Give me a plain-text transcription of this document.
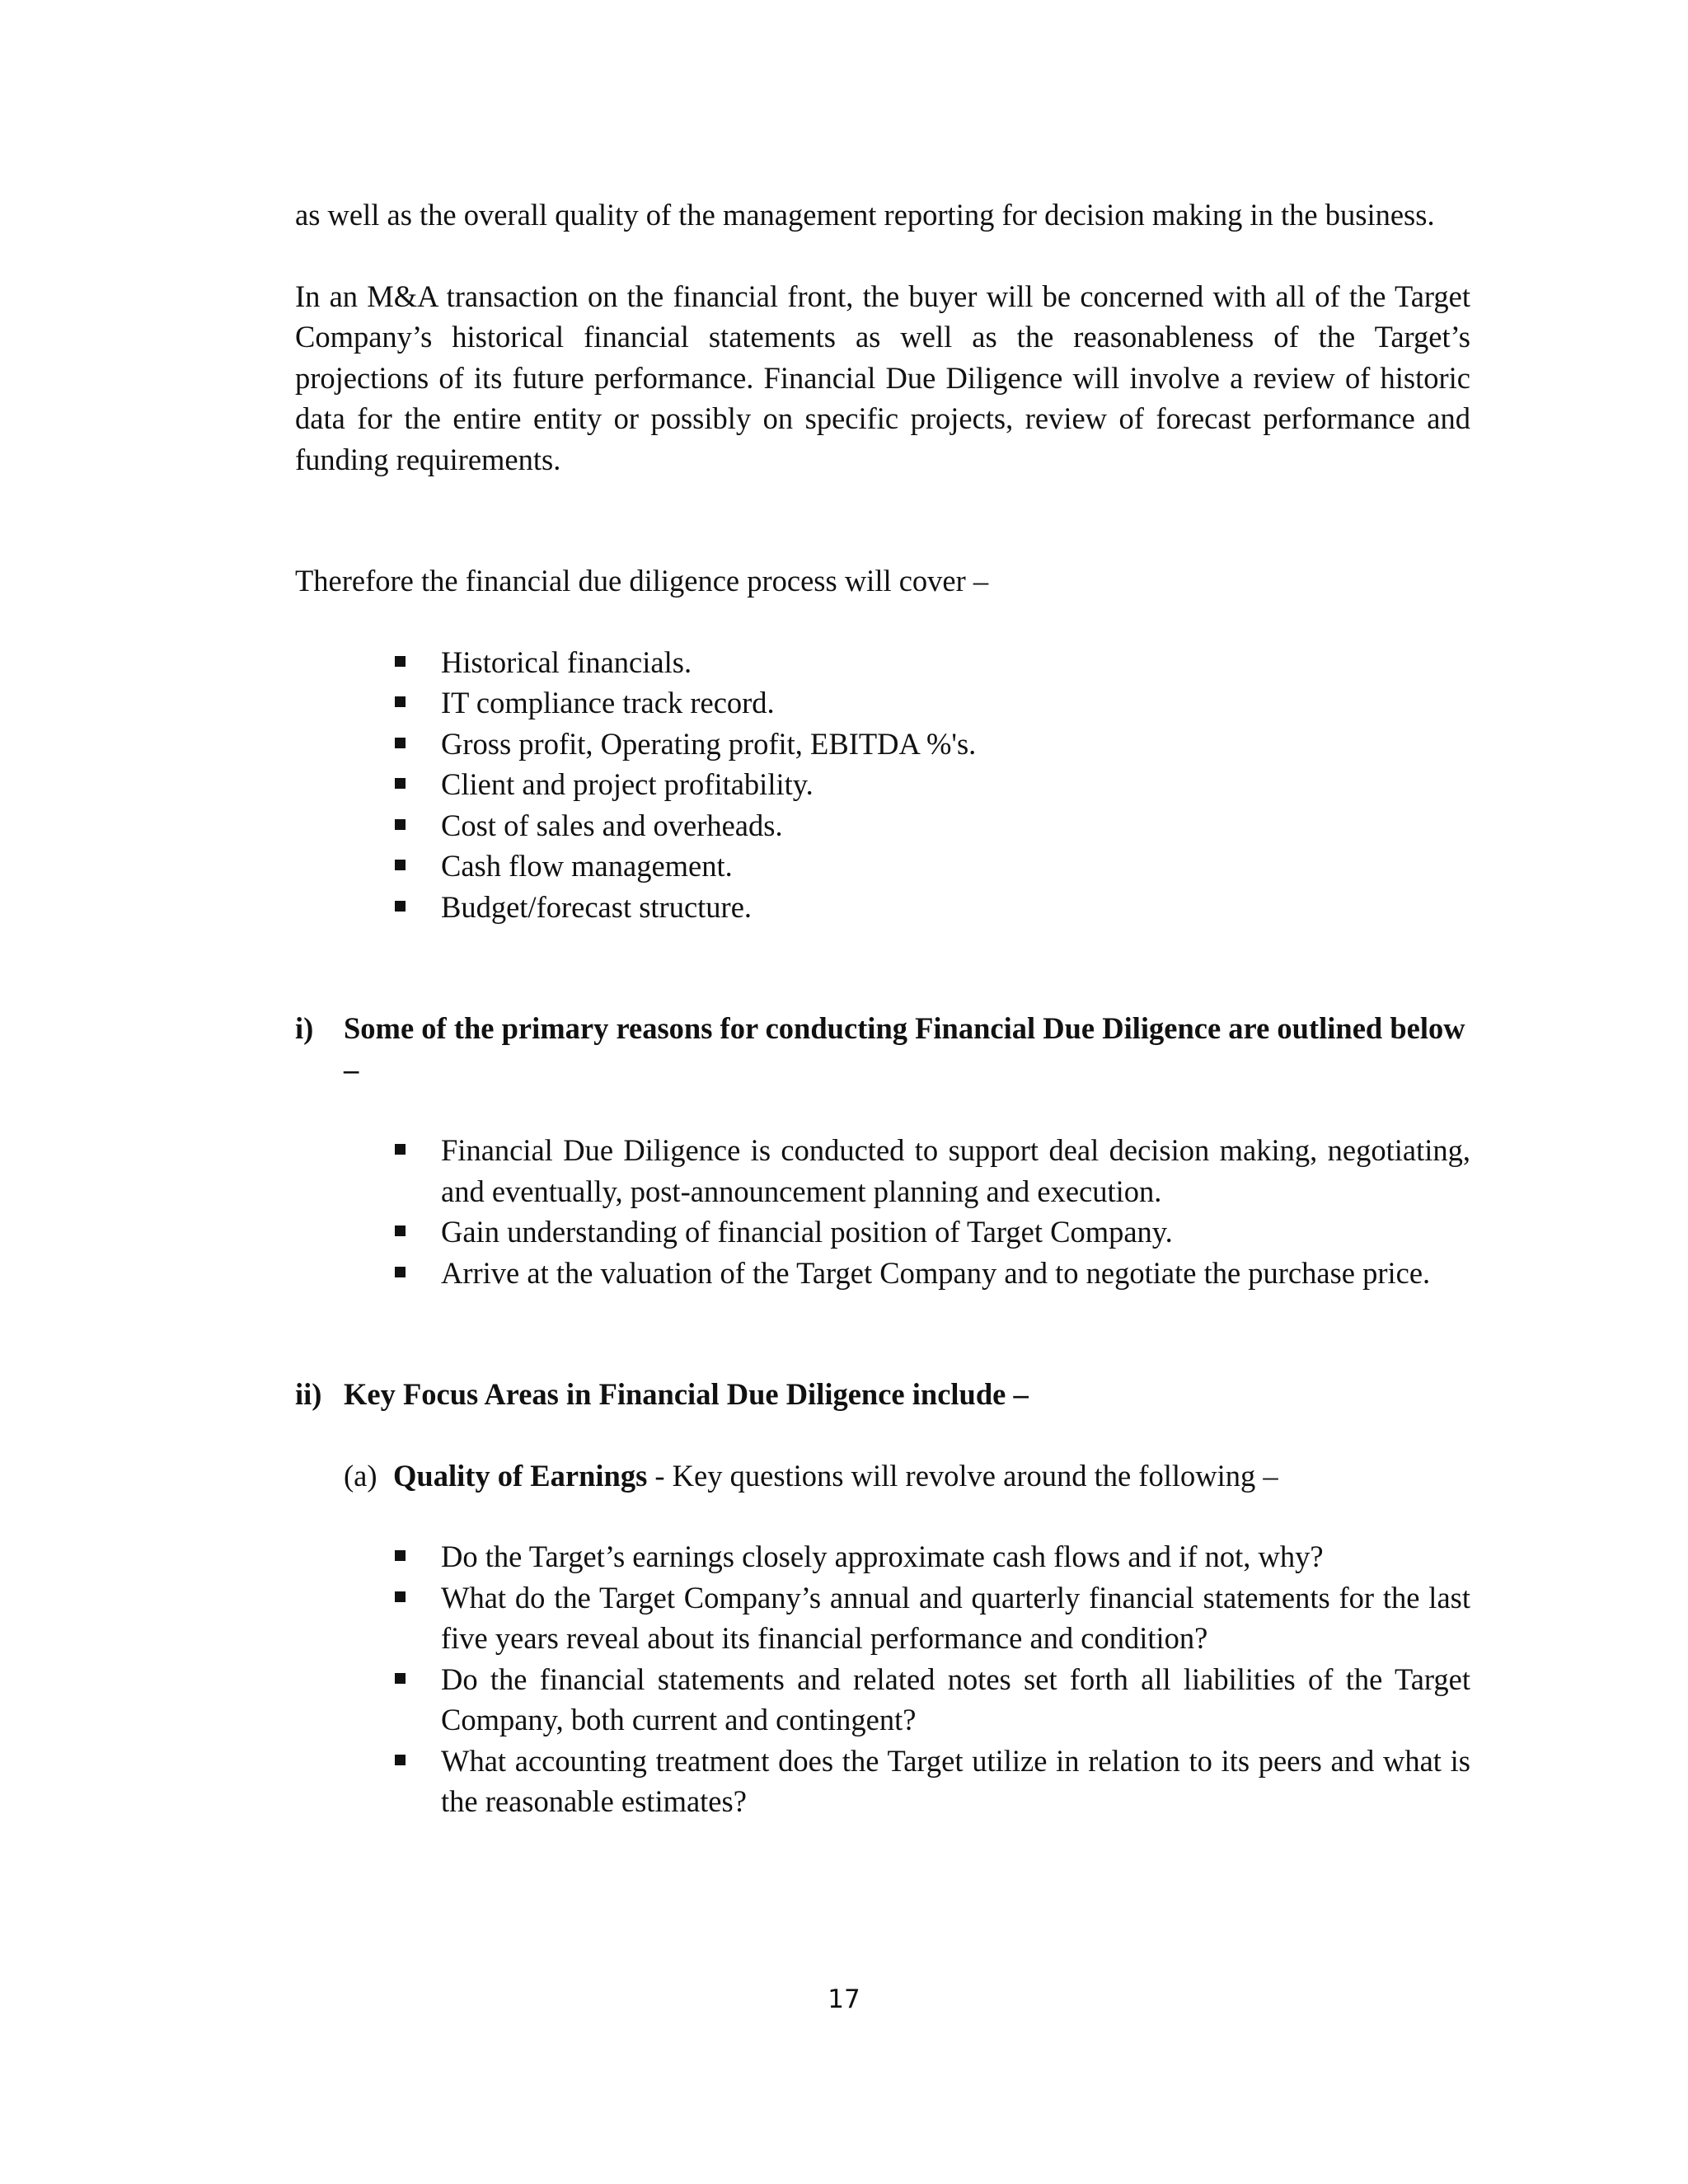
as well as the overall quality of the management reporting for decision making in the business.

In an M&A transaction on the financial front, the buyer will be concerned with all of the Target Company’s historical financial statements as well as the reasonableness of the Target’s projections of its future performance. Financial Due Diligence will involve a review of historic data for the entire entity or possibly on specific projects, review of forecast performance and funding requirements.

Therefore the financial due diligence process will cover –

Historical financials.
IT compliance track record.
Gross profit, Operating profit, EBITDA %'s.
Client and project profitability.
Cost of sales and overheads.
Cash flow management.
Budget/forecast structure.

i) Some of the primary reasons for conducting Financial Due Diligence are outlined below –

Financial Due Diligence is conducted to support deal decision making, negotiating, and eventually, post-announcement planning and execution.
Gain understanding of financial position of Target Company.
Arrive at the valuation of the Target Company and to negotiate the purchase price.

ii) Key Focus Areas in Financial Due Diligence include –

(a) Quality of Earnings - Key questions will revolve around the following –

Do the Target’s earnings closely approximate cash flows and if not, why?
What do the Target Company’s annual and quarterly financial statements for the last five years reveal about its financial performance and condition?
Do the financial statements and related notes set forth all liabilities of the Target Company, both current and contingent?
What accounting treatment does the Target utilize in relation to its peers and what is the reasonable estimates?
17
